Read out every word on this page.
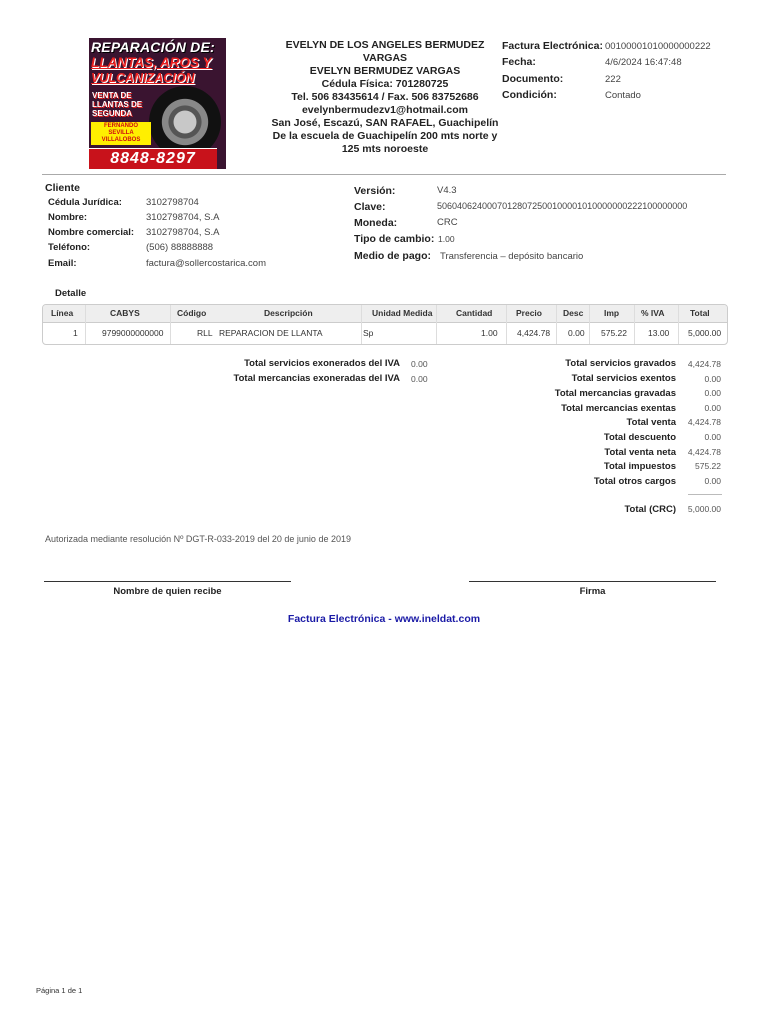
REPARACIÓN DE:
LLANTAS, AROS Y
VULCANIZACIÓN
VENTA DE LLANTAS DE SEGUNDA
FERNANDO SEVILLA VILLALOBOS
8848-8297
EVELYN DE LOS ANGELES BERMUDEZ VARGAS
EVELYN BERMUDEZ VARGAS
Cédula Física: 701280725
Tel. 506 83435614 / Fax. 506 83752686
evelynbermudezv1@hotmail.com
San José, Escazú, SAN RAFAEL, Guachipelín
De la escuela de Guachipelín 200 mts norte y 125 mts noroeste
Factura Electrónica: 00100001010000000222
Fecha:	4/6/2024 16:47:48
Documento:	222
Condición:	Contado
Cliente
Cédula Jurídica:	3102798704
Nombre:	3102798704, S.A
Nombre comercial: 3102798704, S.A
Teléfono:	(506) 88888888
Email:	factura@sollercostarica.com
Versión:	V4.3
Clave:	50604062400070128072500100001010000000222100000000
Moneda:	CRC
Tipo de cambio: 1.00
Medio de pago: Transferencia – depósito bancario
Detalle
Línea	CABYS	Código	Descripción	Unidad Medida	Cantidad	Precio Desc Imp	% IVA	Total
1	9799000000000	RLL REPARACION DE LLANTA	Sp	1.00 4,424.78 0.00 575.22 13.00 5,000.00
Total servicios exonerados del IVA 0.00
Total mercancias exoneradas del IVA 0.00
Total servicios gravados 4,424.78
Total servicios exentos	0.00
Total mercancias gravadas	0.00
Total mercancias exentas	0.00
Total venta 4,424.78
Total descuento	0.00
Total venta neta 4,424.78
Total impuestos 575.22
Total otros cargos	0.00
Total (CRC) 5,000.00
Autorizada mediante resolución Nº DGT-R-033-2019 del 20 de junio de 2019
Nombre de quien recibe	Firma
Factura Electrónica - www.ineldat.com
Página 1 de 1
